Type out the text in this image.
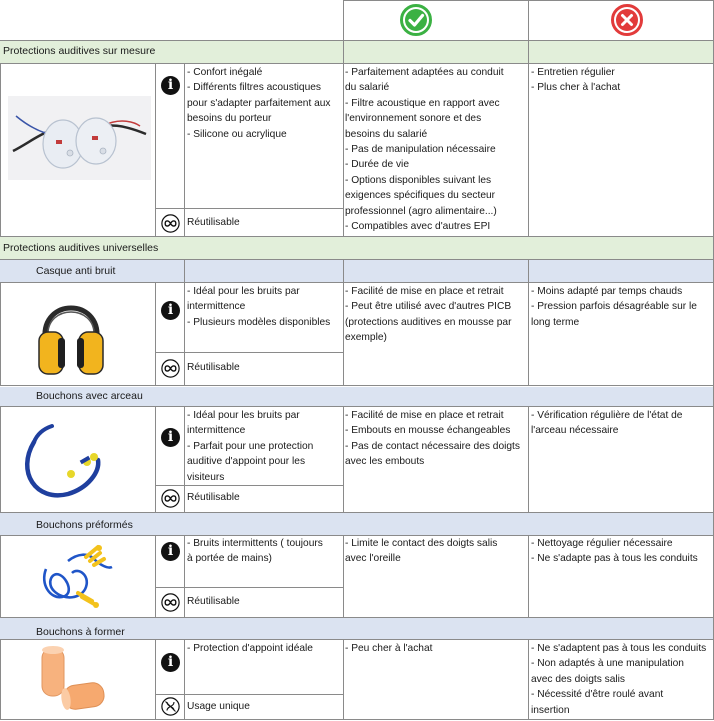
Protections auditives sur mesure
i
- Confort inégalé
- Différents filtres acoustiques
pour s'adapter parfaitement aux
besoins du porteur
- Silicone ou acrylique
Réutilisable
- Parfaitement adaptées au conduit
du salarié
- Filtre acoustique en rapport avec
l'environnement sonore et des
besoins du salarié
- Pas de manipulation nécessaire
- Durée de vie
- Options disponibles suivant les
exigences spécifiques du secteur
professionnel (agro alimentaire...)
- Compatibles avec d'autres EPI
- Entretien régulier
- Plus cher à l'achat
Protections auditives universelles
Casque anti bruit
i
- Idéal pour les bruits par
intermittence
- Plusieurs modèles disponibles
Réutilisable
- Facilité de mise en place et retrait
- Peut être utilisé avec d'autres PICB
(protections auditives en mousse par
exemple)
- Moins adapté par temps chauds
- Pression parfois désagréable sur le
long terme
Bouchons avec arceau
i
- Idéal pour les bruits par
intermittence
- Parfait pour une protection
auditive d'appoint pour les
visiteurs
Réutilisable
- Facilité de mise en place et retrait
- Embouts en mousse échangeables
- Pas de contact nécessaire des doigts
avec les embouts
- Vérification régulière de l'état de
l'arceau nécessaire
Bouchons préformés
i	- Bruits intermittents ( toujours
à portée de mains)
Réutilisable
- Limite le contact des doigts salis
avec l'oreille
- Nettoyage régulier nécessaire
- Ne s'adapte pas à tous les conduits
Bouchons à former
i
- Protection d'appoint idéale
Usage unique
- Peu cher à l'achat	- Ne s'adaptent pas à tous les conduits
- Non adaptés à une manipulation
avec des doigts salis
- Nécessité d'être roulé avant
insertion
